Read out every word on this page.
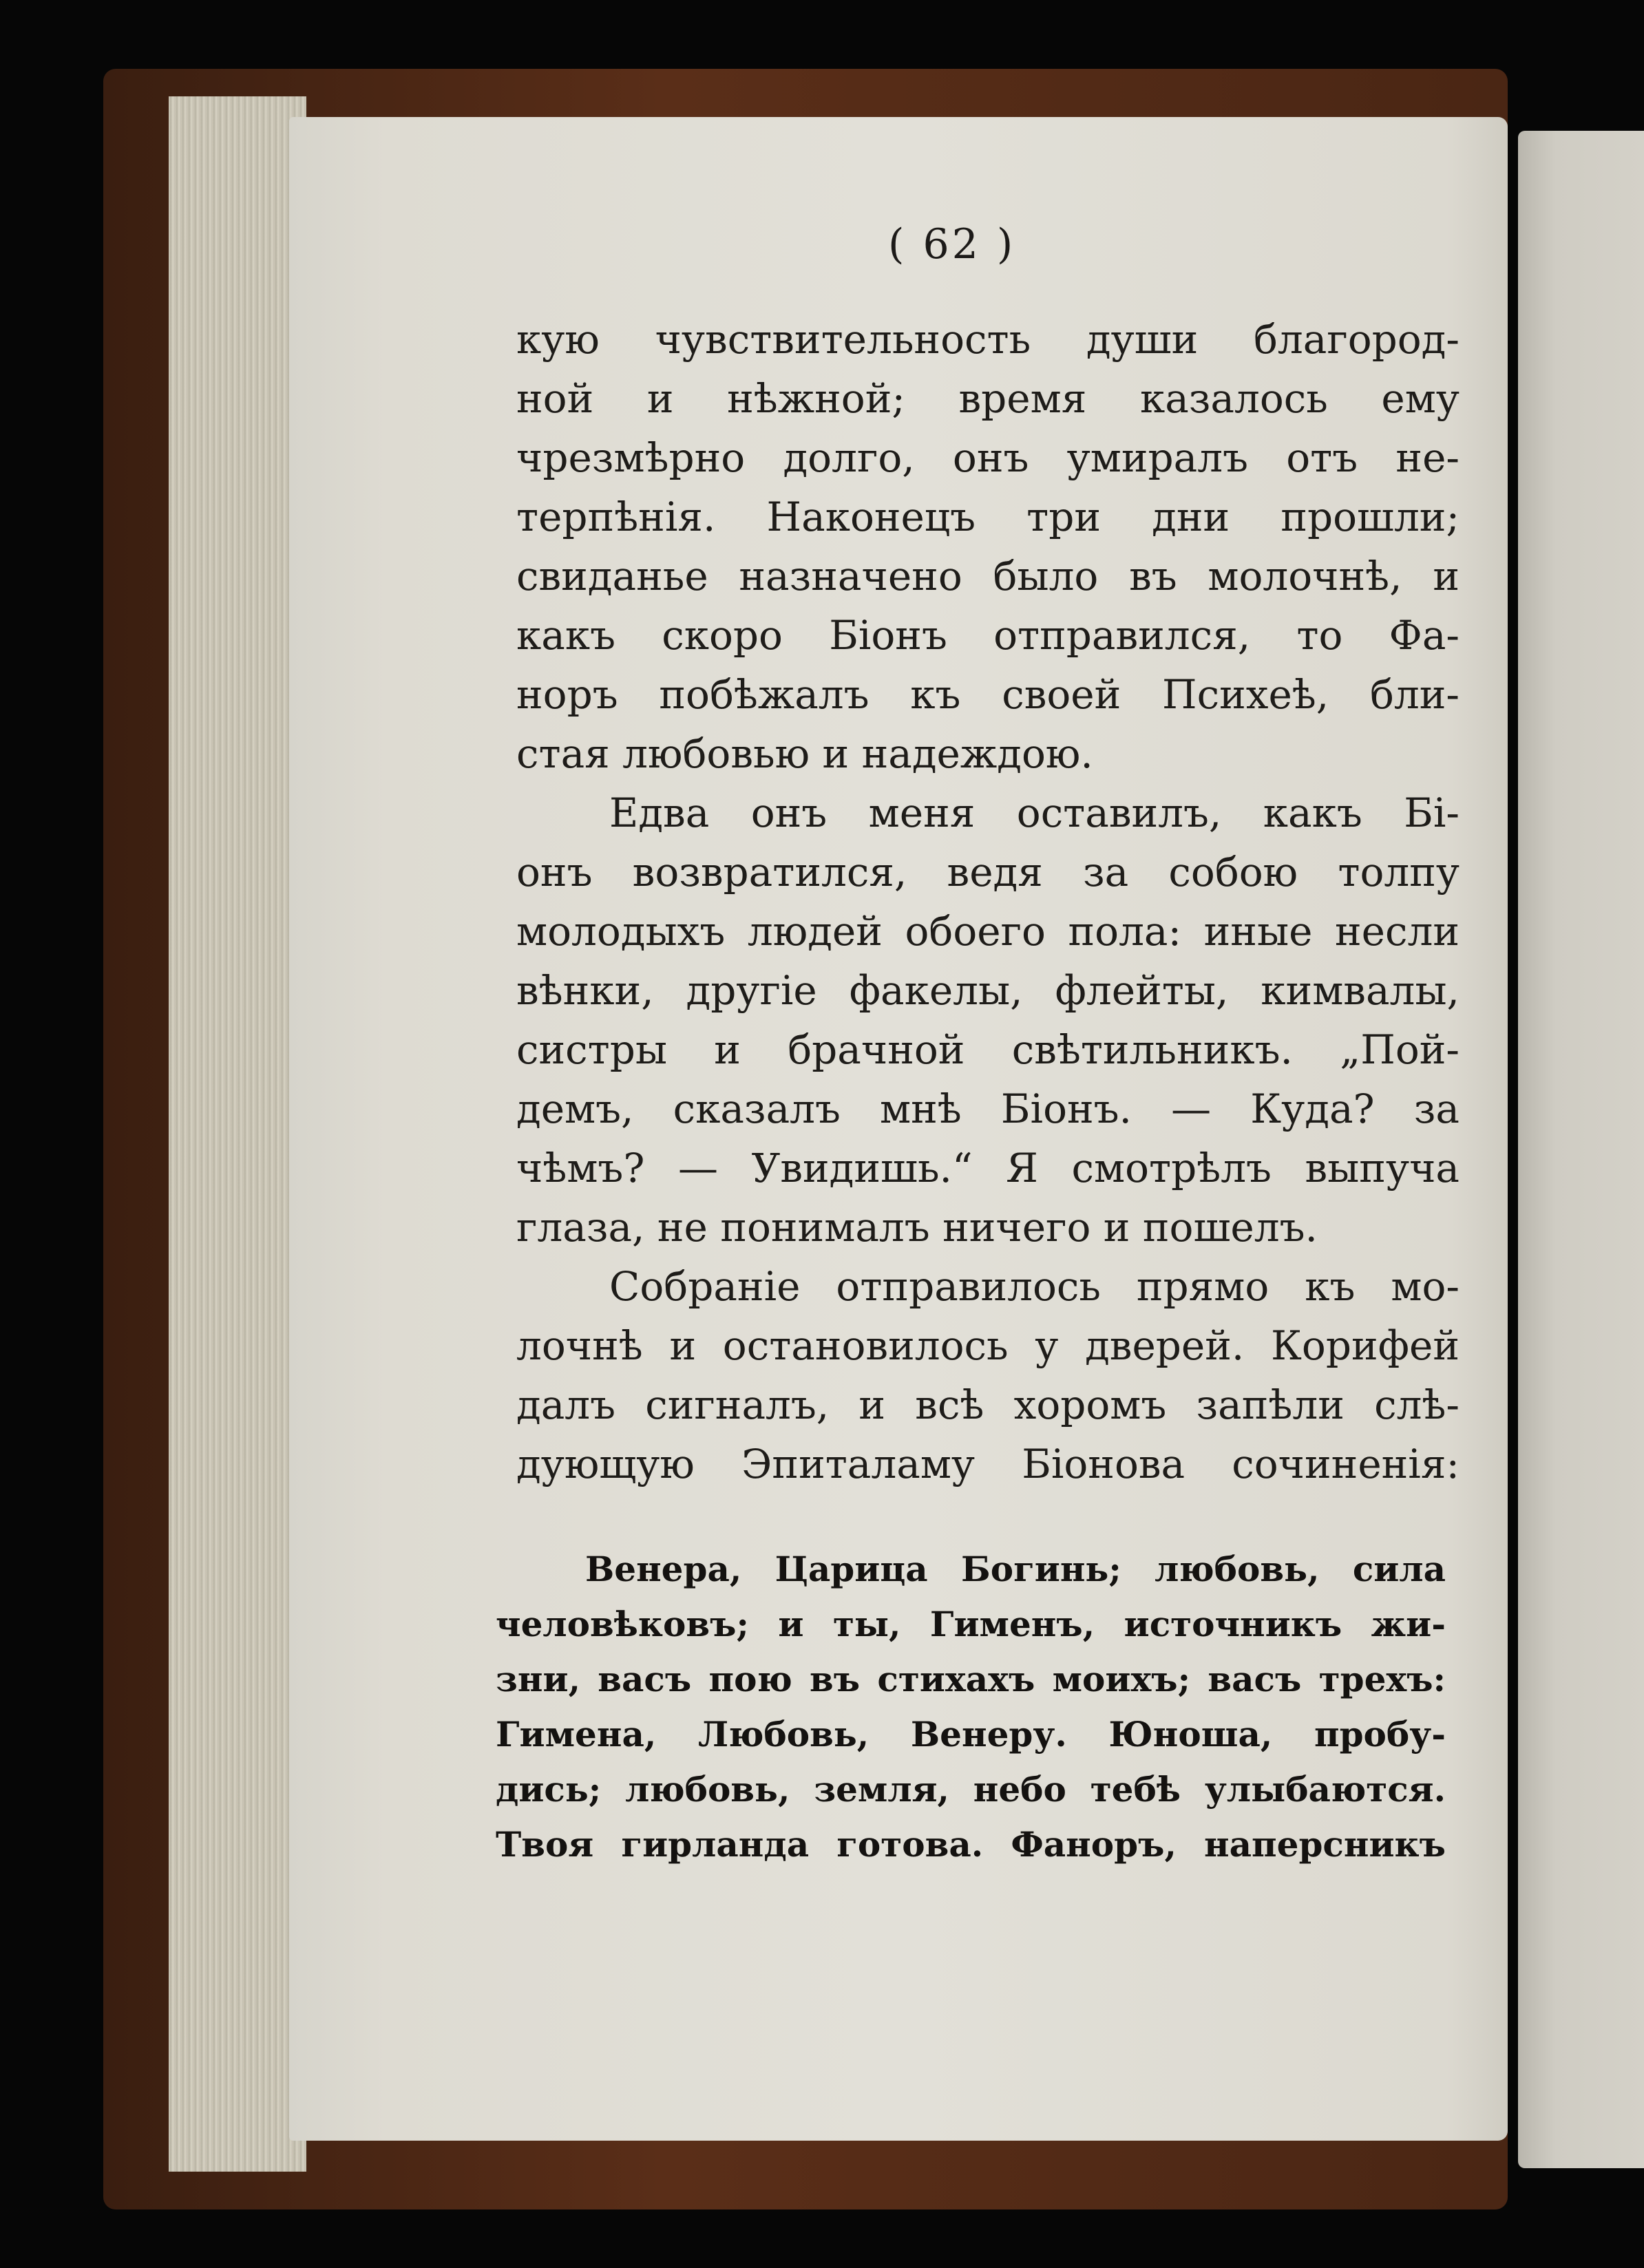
( 62 )
кую чувствительность души благород-
ной и нѣжной; время казалось ему
чрезмѣрно долго, онъ умиралъ отъ не-
терпѣнія. Наконецъ три дни прошли;
свиданье назначено было въ молочнѣ, и
какъ скоро Біонъ отправился, то Фа-
норъ побѣжалъ къ своей Психеѣ, бли-
стая любовью и надеждою.
Едва онъ меня оставилъ, какъ Бі-
онъ возвратился, ведя за собою толпу
молодыхъ людей обоего пола: иные несли
вѣнки, другіе факелы, флейты, кимвалы,
систры и брачной свѣтильникъ. „Пой-
демъ, сказалъ мнѣ Біонъ. — Куда? за
чѣмъ? — Увидишь.“ Я смотрѣлъ выпуча
глаза, не понималъ ничего и пошелъ.
Собраніе отправилось прямо къ мо-
лочнѣ и остановилось у дверей. Корифей
далъ сигналъ, и всѣ хоромъ запѣли слѣ-
дующую Эпиталаму Біонова сочиненія:
Венера, Царица Богинь; любовь, сила
человѣковъ; и ты, Гименъ, источникъ жи-
зни, васъ пою въ стихахъ моихъ; васъ трехъ:
Гимена, Любовь, Венеру. Юноша, пробу-
дись; любовь, земля, небо тебѣ улыбаются.
Твоя гирланда готова. Фаноръ, наперсникъ
